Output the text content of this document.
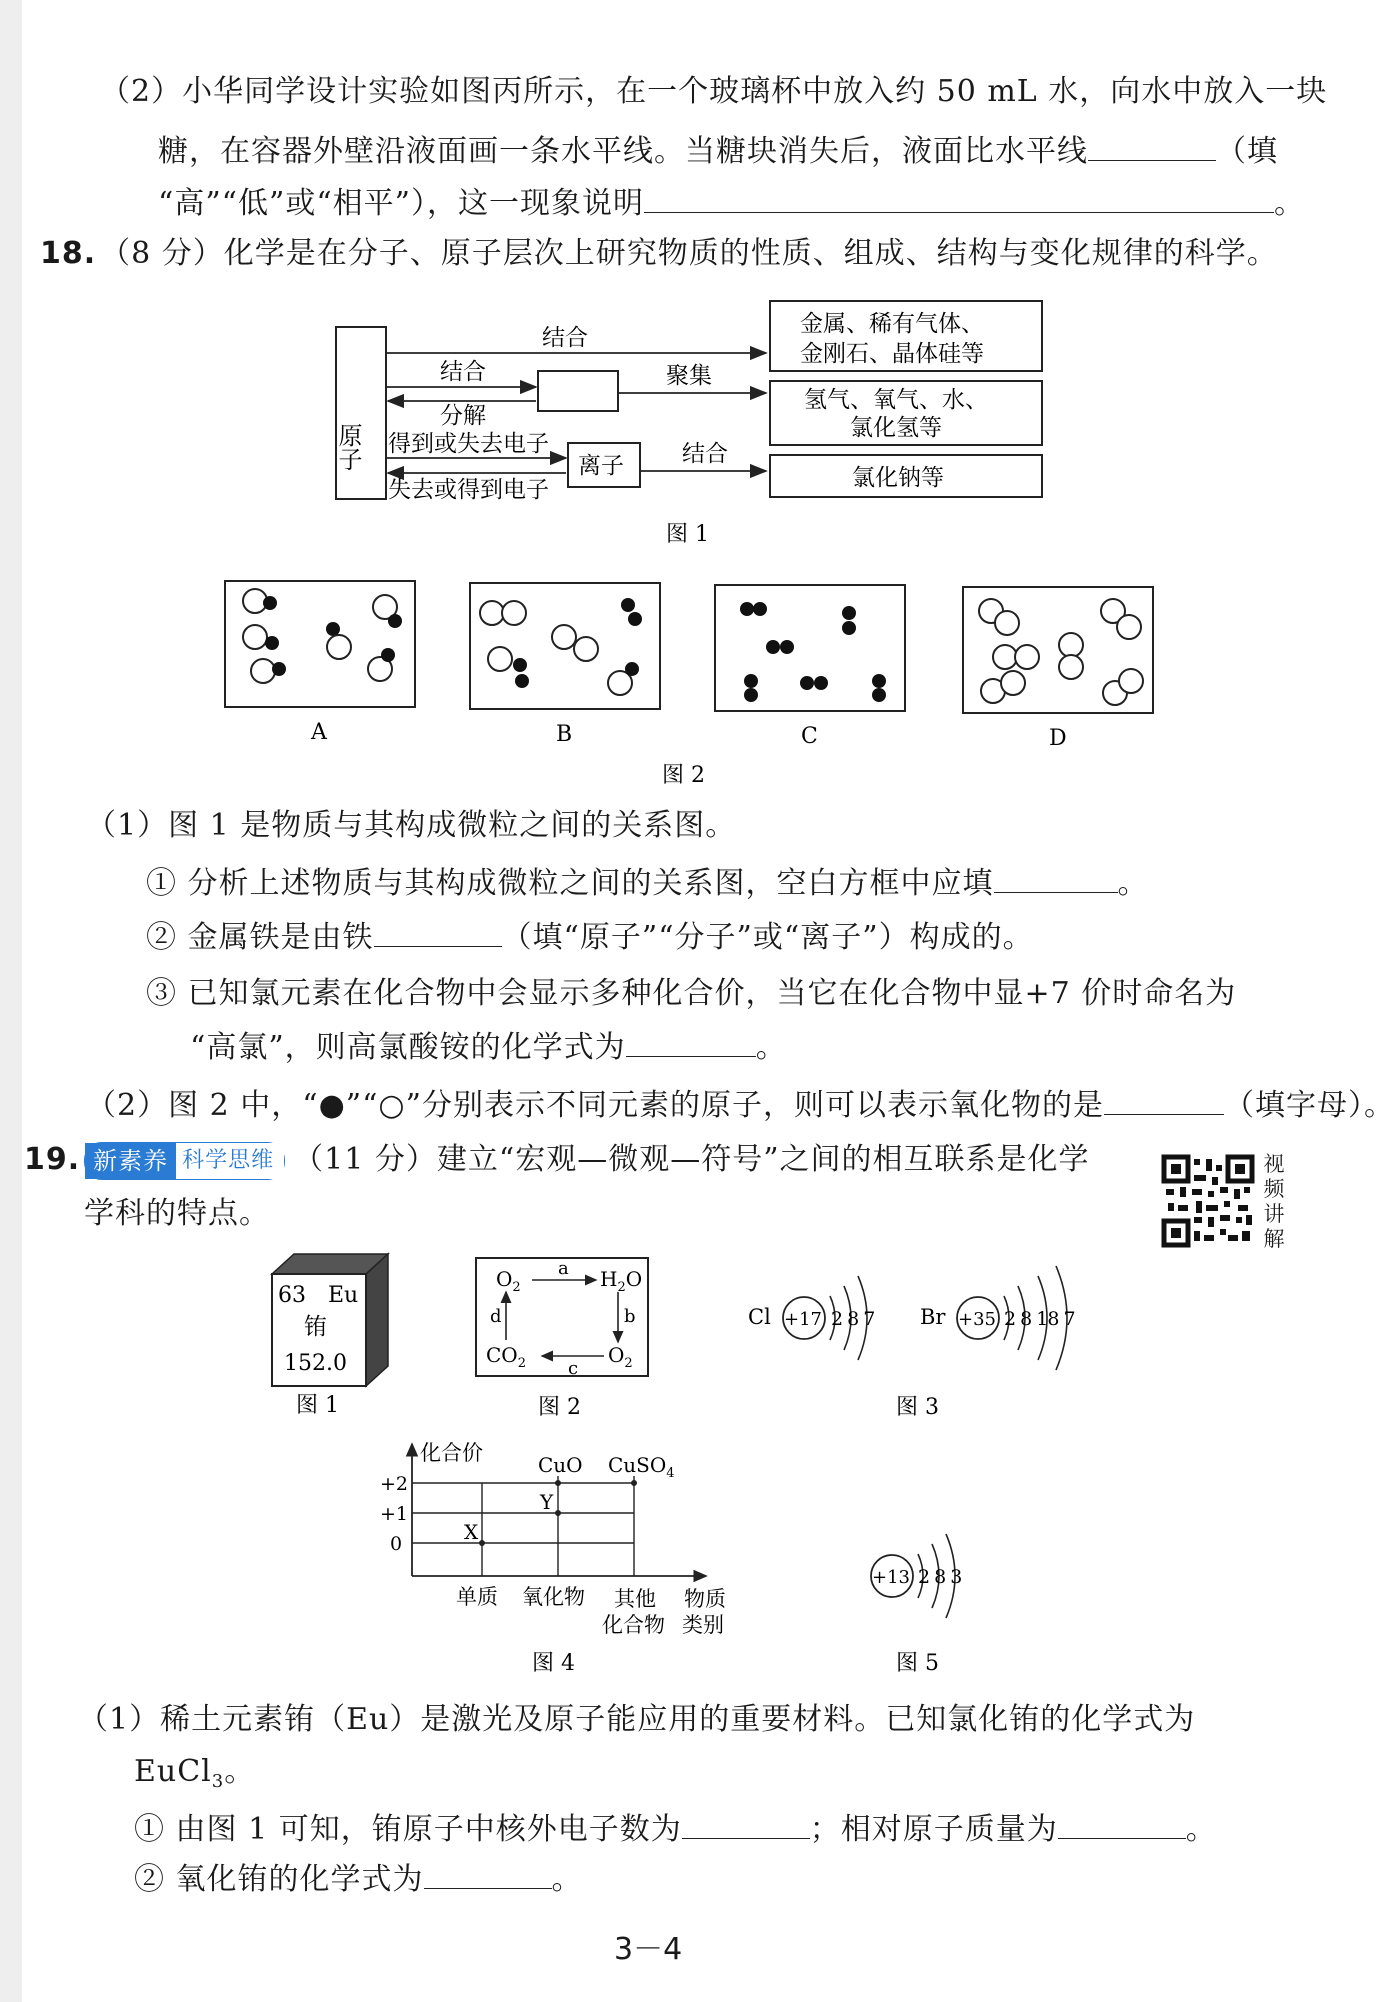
（2）小华同学设计实验如图丙所示，在一个玻璃杯中放入约 50 mL 水，向水中放入一块
糖，在容器外壁沿液面画一条水平线。当糖块消失后，液面比水平线	（填
“高”“低”或“相平”），这一现象说明	。
18. （8 分）化学是在分子、原子层次上研究物质的性质、组成、结构与变化规律的科学。
原子
结合
结合
分解
聚集
得到或失去电子
失去或得到电子
离子	结合
金属、稀有气体、
金刚石、晶体硅等
氢气、氧气、水、
氯化氢等
氯化钠等
图 1
A	B	C	D
图 2
（1）图 1 是物质与其构成微粒之间的关系图。
① 分析上述物质与其构成微粒之间的关系图，空白方框中应填	。
② 金属铁是由铁	（填“原子”“分子”或“离子”）构成的。
③ 已知氯元素在化合物中会显示多种化合价，当它在化合物中显+7 价时命名为
“高氯”，则高氯酸铵的化学式为	。
（2）图 2 中，“●”“○”分别表示不同元素的原子，则可以表示氧化物的是	（填字母）。
19. 新素养 科学思维 （11 分）建立“宏观—微观—符号”之间的相互联系是化学
学科的特点。
视
频
讲
解
63 Eu
铕
152.0
图 1
$O_2$	$H_2O$
$CO_2$	$O_2$
a
b
c
d
图 2
Cl +17 2 8 7 Br +35 2 8 18 7
图 3
化合价
+2
+1
0
CuO CuSO$_4$
X
Y
单质 氧化物 其他
化合物
物质
类别
图 4
+13 2 8 3
图 5
（1）稀土元素铕（Eu）是激光及原子能应用的重要材料。已知氯化铕的化学式为
EuCl$_3$。
① 由图 1 可知，铕原子中核外电子数为	；相对原子质量为	。
② 氧化铕的化学式为	。
3－4
